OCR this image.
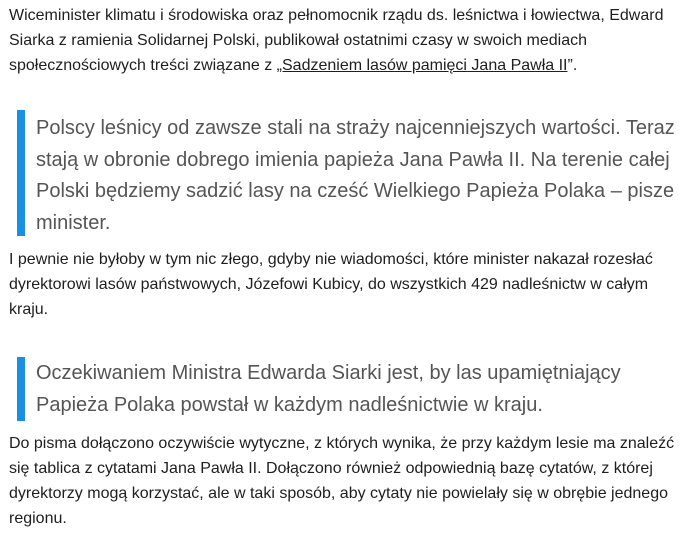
Wiceminister klimatu i środowiska oraz pełnomocnik rządu ds. leśnictwa i łowiectwa, Edward Siarka z ramienia Solidarnej Polski, publikował ostatnimi czasy w swoich mediach społecznościowych treści związane z „Sadzeniem lasów pamięci Jana Pawła II”.

Polscy leśnicy od zawsze stali na straży najcenniejszych wartości. Teraz stają w obronie dobrego imienia papieża Jana Pawła II. Na terenie całej Polski będziemy sadzić lasy na cześć Wielkiego Papieża Polaka – pisze minister.

I pewnie nie byłoby w tym nic złego, gdyby nie wiadomości, które minister nakazał rozesłać dyrektorowi lasów państwowych, Józefowi Kubicy, do wszystkich 429 nadleśnictw w całym kraju.

Oczekiwaniem Ministra Edwarda Siarki jest, by las upamiętniający Papieża Polaka powstał w każdym nadleśnictwie w kraju.

Do pisma dołączono oczywiście wytyczne, z których wynika, że przy każdym lesie ma znaleźć się tablica z cytatami Jana Pawła II. Dołączono również odpowiednią bazę cytatów, z której dyrektorzy mogą korzystać, ale w taki sposób, aby cytaty nie powielały się w obrębie jednego regionu.
